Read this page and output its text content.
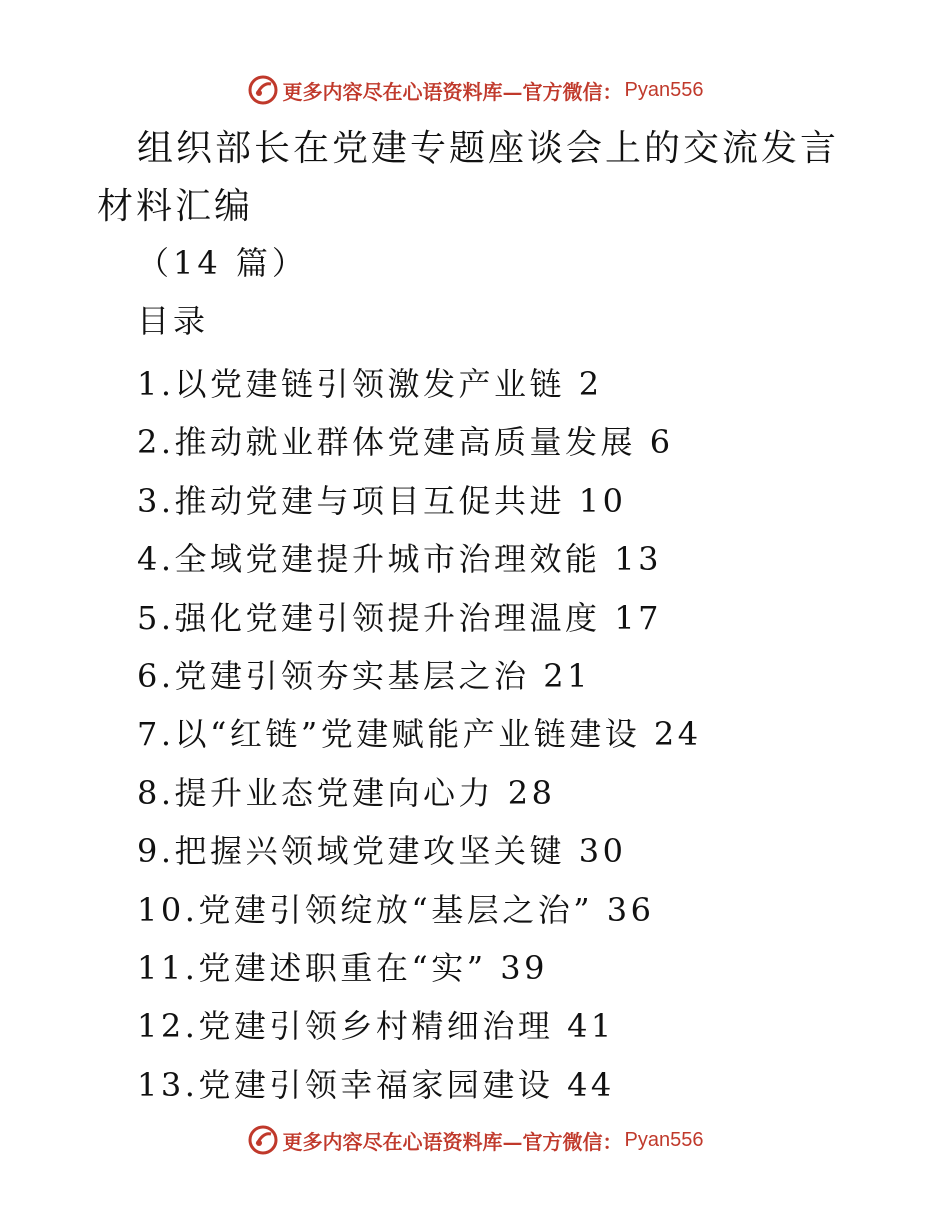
更多内容尽在心语资料库—官方微信： Pyan556
组织部长在党建专题座谈会上的交流发言材料汇编
（14 篇）
目录
1.以党建链引领激发产业链 2
2.推动就业群体党建高质量发展 6
3.推动党建与项目互促共进 10
4.全域党建提升城市治理效能 13
5.强化党建引领提升治理温度 17
6.党建引领夯实基层之治 21
7.以“红链”党建赋能产业链建设 24
8.提升业态党建向心力 28
9.把握兴领域党建攻坚关键 30
10.党建引领绽放“基层之治” 36
11.党建述职重在“实” 39
12.党建引领乡村精细治理 41
13.党建引领幸福家园建设 44
更多内容尽在心语资料库—官方微信： Pyan556
